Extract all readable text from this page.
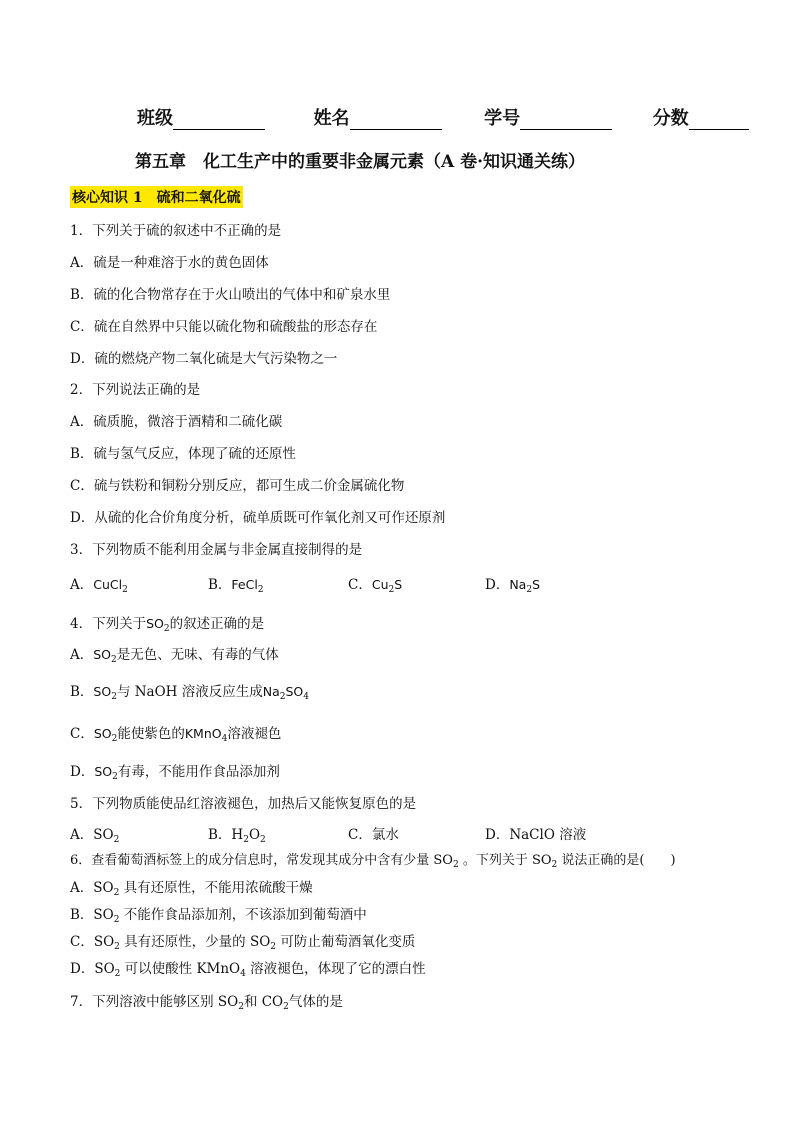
班级	姓名	学号	分数
第五章　化工生产中的重要非金属元素（A 卷·知识通关练）
核心知识 1　硫和二氧化硫
1．下列关于硫的叙述中不正确的是
A．硫是一种难溶于水的黄色固体
B．硫的化合物常存在于火山喷出的气体中和矿泉水里
C．硫在自然界中只能以硫化物和硫酸盐的形态存在
D．硫的燃烧产物二氧化硫是大气污染物之一
2．下列说法正确的是
A．硫质脆，微溶于酒精和二硫化碳
B．硫与氢气反应，体现了硫的还原性
C．硫与铁粉和铜粉分别反应，都可生成二价金属硫化物
D．从硫的化合价角度分析，硫单质既可作氧化剂又可作还原剂
3．下列物质不能利用金属与非金属直接制得的是
A．CuCl$_2$	B．FeCl$_2$	C．$Cu_2S$	D．$Na_2S$
4．下列关于$SO_2$的叙述正确的是
A．$SO_2$是无色、无味、有毒的气体
B．$SO_2$与 NaOH 溶液反应生成$Na_2SO_4$
C．$SO_2$能使紫色的KMnO$_4$溶液褪色
D．$SO_2$有毒，不能用作食品添加剂
5．下列物质能使品红溶液褪色，加热后又能恢复原色的是
A．$SO_2$	B．$H_2O_2$	C．氯水	D．NaClO 溶液
6．查看葡萄酒标签上的成分信息时，常发现其成分中含有少量 $SO_2$ 。下列关于 $SO_2$ 说法正确的是(　　)
A．$SO_2$ 具有还原性，不能用浓硫酸干燥
B．$SO_2$ 不能作食品添加剂，不该添加到葡萄酒中
C．$SO_2$ 具有还原性，少量的 $SO_2$ 可防止葡萄酒氧化变质
D．$SO_2$ 可以使酸性 KMnO$_4$ 溶液褪色，体现了它的漂白性
7．下列溶液中能够区别 $SO_2$和 $CO_2$气体的是
